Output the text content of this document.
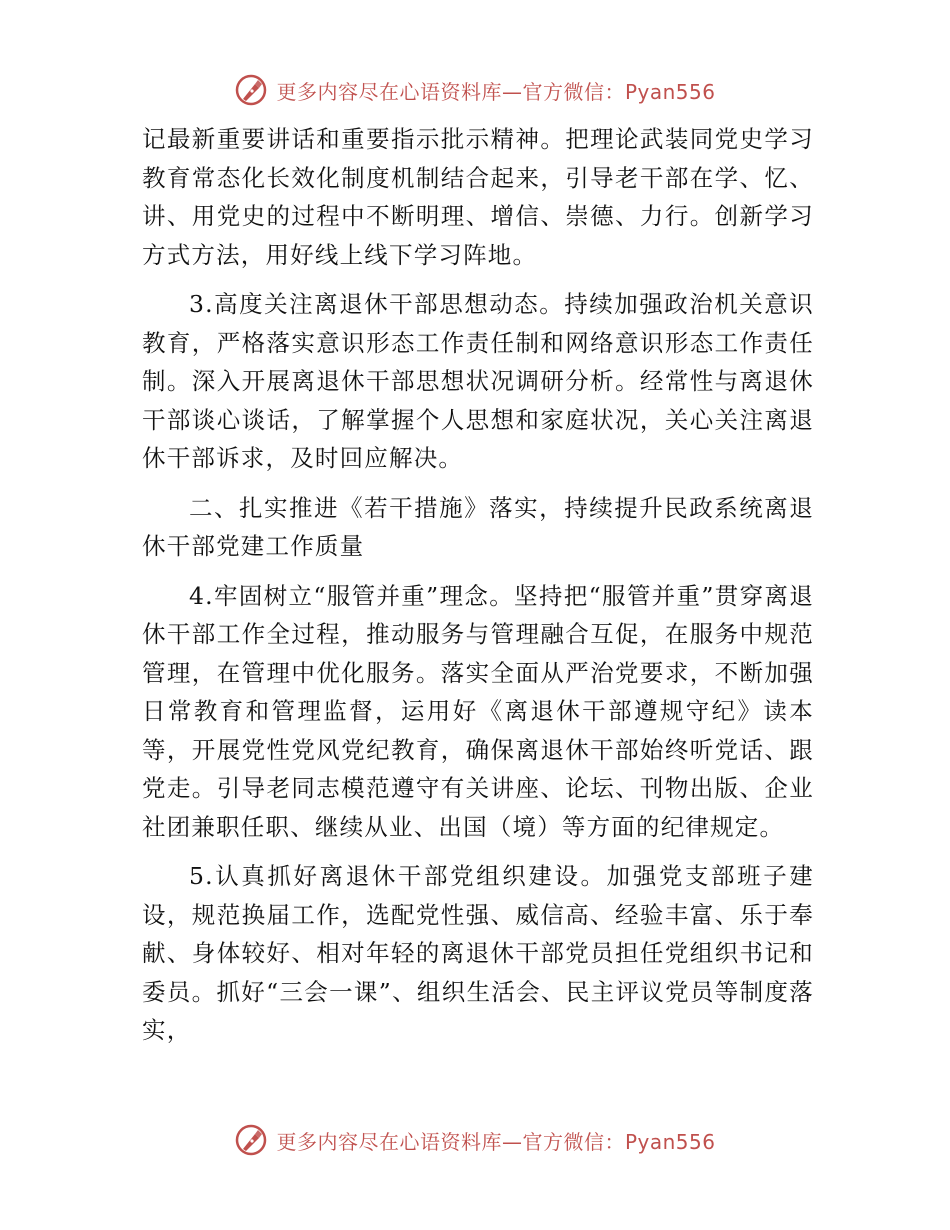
更多内容尽在心语资料库—官方微信：Pyan556

记最新重要讲话和重要指示批示精神。把理论武装同党史学习教育常态化长效化制度机制结合起来，引导老干部在学、忆、讲、用党史的过程中不断明理、增信、崇德、力行。创新学习方式方法，用好线上线下学习阵地。

3.高度关注离退休干部思想动态。持续加强政治机关意识教育，严格落实意识形态工作责任制和网络意识形态工作责任制。深入开展离退休干部思想状况调研分析。经常性与离退休干部谈心谈话，了解掌握个人思想和家庭状况，关心关注离退休干部诉求，及时回应解决。

二、扎实推进《若干措施》落实，持续提升民政系统离退休干部党建工作质量

4.牢固树立“服管并重”理念。坚持把“服管并重”贯穿离退休干部工作全过程，推动服务与管理融合互促，在服务中规范管理，在管理中优化服务。落实全面从严治党要求，不断加强日常教育和管理监督，运用好《离退休干部遵规守纪》读本等，开展党性党风党纪教育，确保离退休干部始终听党话、跟党走。引导老同志模范遵守有关讲座、论坛、刊物出版、企业社团兼职任职、继续从业、出国（境）等方面的纪律规定。

5.认真抓好离退休干部党组织建设。加强党支部班子建设，规范换届工作，选配党性强、威信高、经验丰富、乐于奉献、身体较好、相对年轻的离退休干部党员担任党组织书记和委员。抓好“三会一课”、组织生活会、民主评议党员等制度落实，

更多内容尽在心语资料库—官方微信：Pyan556
